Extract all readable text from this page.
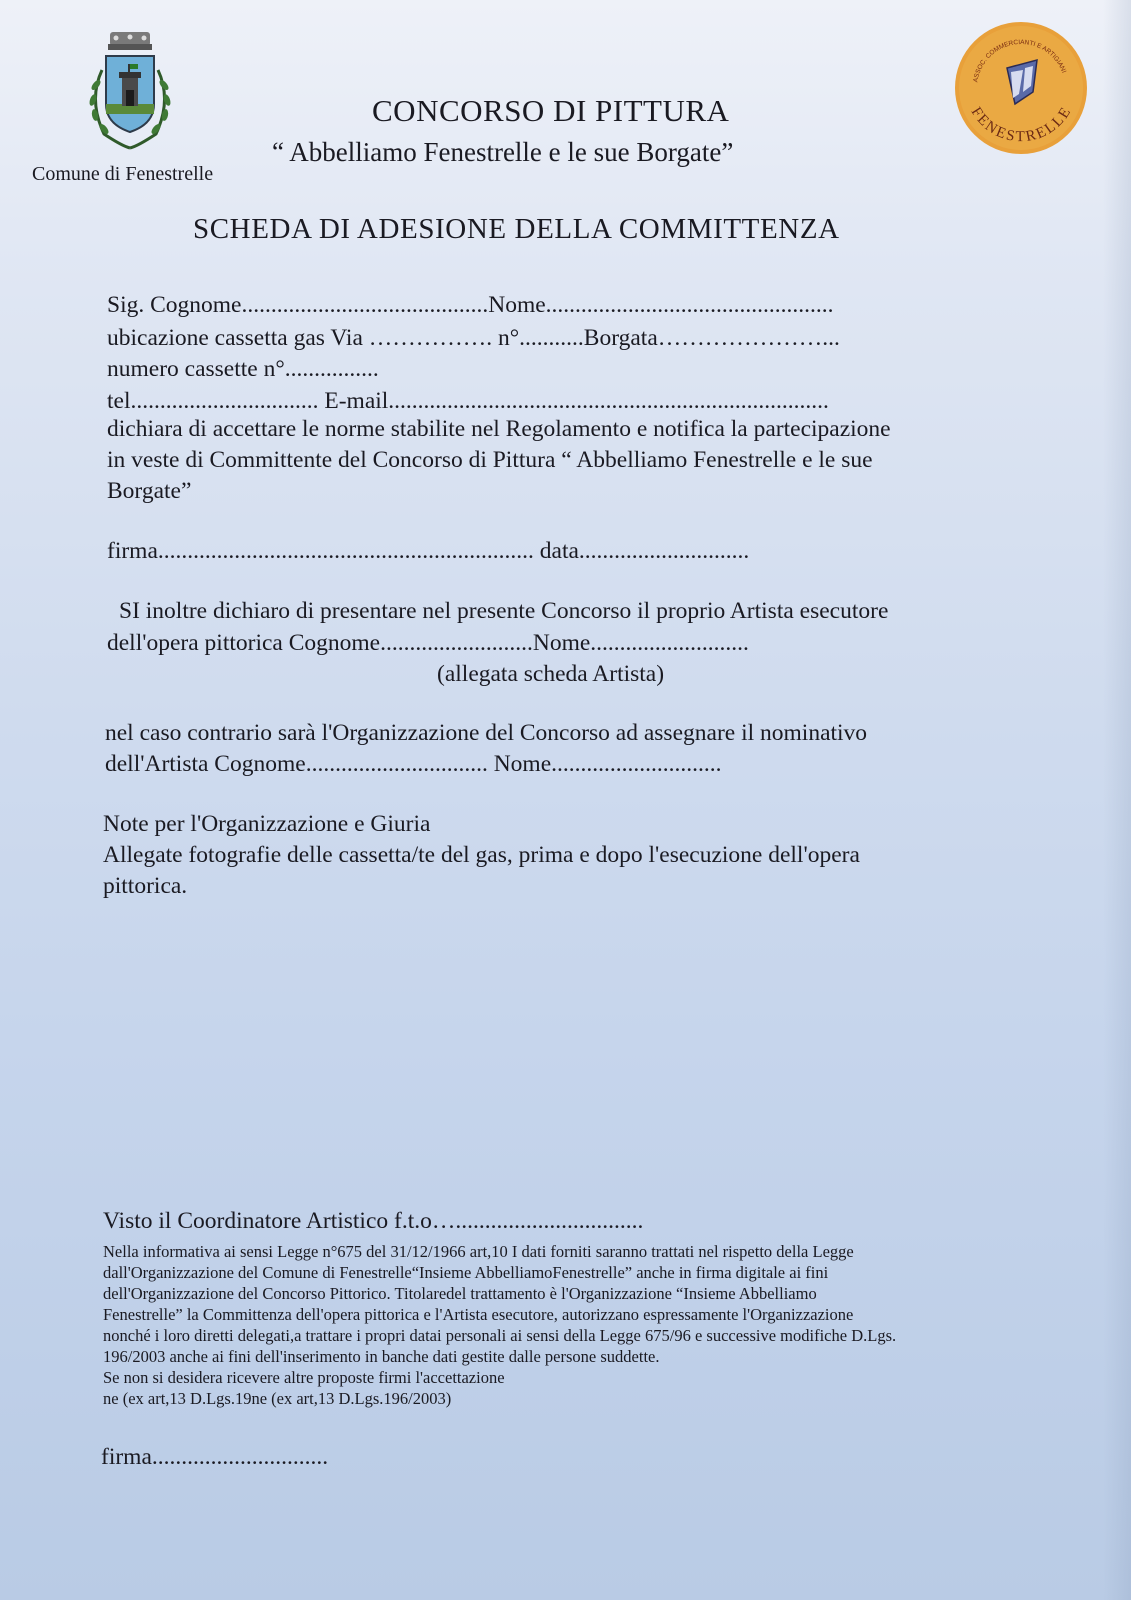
Comune di Fenestrelle
CONCORSO DI PITTURA
“ Abbelliamo Fenestrelle e le sue Borgate”
ASSOC. COMMERCIANTI E ARTIGIANI
FENESTRELLE
SCHEDA DI ADESIONE DELLA COMMITTENZA
Sig. Cognome..........................................Nome.................................................
ubicazione cassetta gas Via ……………. n°...........Borgata…………………...
numero cassette n°................
tel................................ E-mail...........................................................................
dichiara di accettare le norme stabilite nel Regolamento e notifica la partecipazione
in veste di Committente del Concorso di Pittura “ Abbelliamo Fenestrelle e le sue
Borgate”
firma................................................................ data.............................
SI inoltre dichiaro di presentare nel presente Concorso il proprio Artista esecutore
dell'opera pittorica Cognome..........................Nome...........................
(allegata scheda Artista)
nel caso contrario sarà l'Organizzazione del Concorso ad assegnare il nominativo
dell'Artista Cognome............................... Nome.............................
Note per l'Organizzazione e Giuria
Allegate fotografie delle cassetta/te del gas, prima e dopo l'esecuzione dell'opera
pittorica.
Visto il Coordinatore Artistico f.t.o…................................
Nella informativa ai sensi Legge n°675 del 31/12/1966 art,10 I dati forniti saranno trattati nel rispetto della Legge
dall'Organizzazione del Comune di Fenestrelle“Insieme AbbelliamoFenestrelle” anche in firma digitale ai fini
dell'Organizzazione del Concorso Pittorico. Titolaredel trattamento è l'Organizzazione “Insieme Abbelliamo
Fenestrelle” la Committenza dell'opera pittorica e l'Artista esecutore, autorizzano espressamente l'Organizzazione
nonché i loro diretti delegati,a trattare i propri datai personali ai sensi della Legge 675/96 e successive modifiche D.Lgs.
196/2003 anche ai fini dell'inserimento in banche dati gestite dalle persone suddette.
Se non si desidera ricevere altre proposte firmi l'accettazione
ne (ex art,13 D.Lgs.19ne (ex art,13 D.Lgs.196/2003)
firma..............................
